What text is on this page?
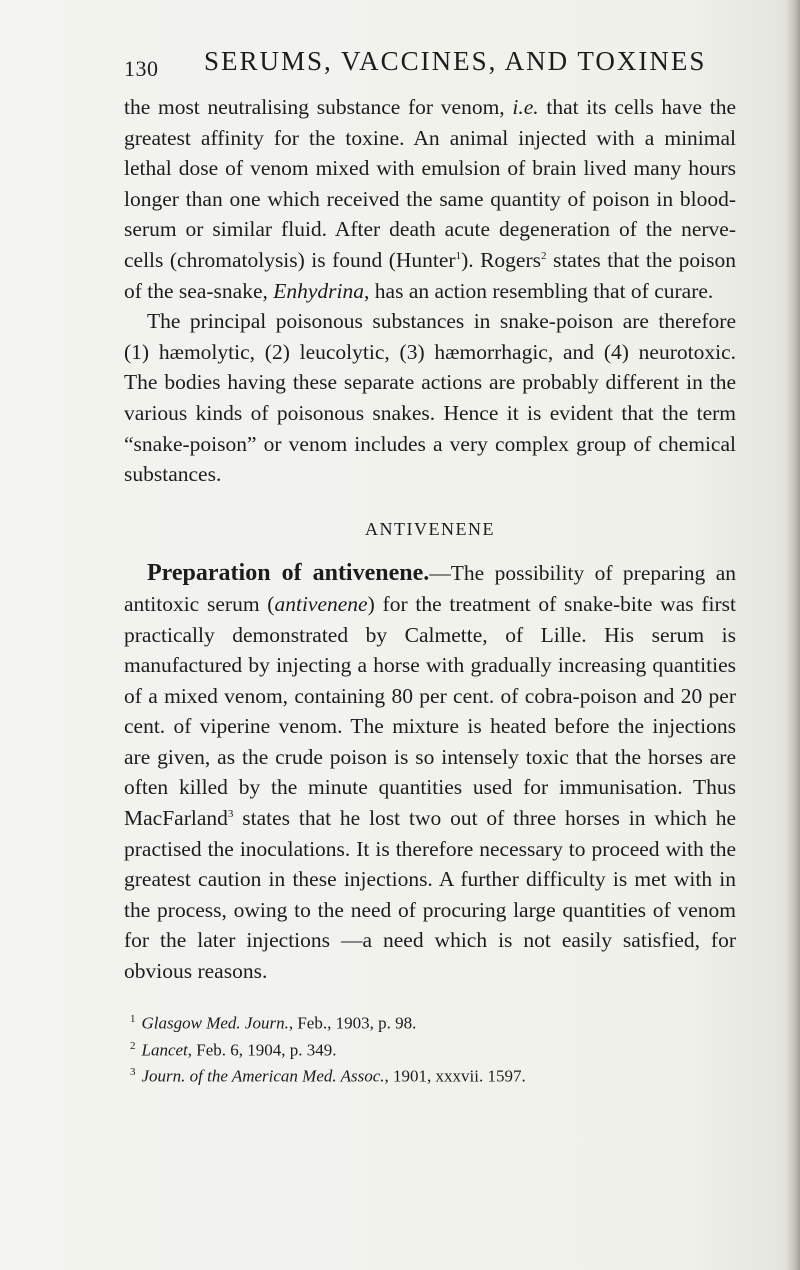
130 SERUMS, VACCINES, AND TOXINES

the most neutralising substance for venom, i.e. that its cells have the greatest affinity for the toxine. An animal injected with a minimal lethal dose of venom mixed with emulsion of brain lived many hours longer than one which received the same quantity of poison in blood-serum or similar fluid. After death acute degeneration of the nerve-cells (chromatolysis) is found (Hunter$^1$). Rogers$^2$ states that the poison of the sea-snake, Enhydrina, has an action resembling that of curare.

The principal poisonous substances in snake-poison are therefore (1) hæmolytic, (2) leucolytic, (3) hæmorrhagic, and (4) neurotoxic. The bodies having these separate actions are probably different in the various kinds of poisonous snakes. Hence it is evident that the term “snake-poison” or venom includes a very complex group of chemical substances.

ANTIVENENE

Preparation of antivenene.—The possibility of preparing an antitoxic serum (antivenene) for the treatment of snake-bite was first practically demonstrated by Calmette, of Lille. His serum is manufactured by injecting a horse with gradually increasing quantities of a mixed venom, containing 80 per cent. of cobra-poison and 20 per cent. of viperine venom. The mixture is heated before the injections are given, as the crude poison is so intensely toxic that the horses are often killed by the minute quantities used for immunisation. Thus MacFarland$^3$ states that he lost two out of three horses in which he practised the inoculations. It is therefore necessary to proceed with the greatest caution in these injections. A further difficulty is met with in the process, owing to the need of procuring large quantities of venom for the later injections —a need which is not easily satisfied, for obvious reasons.

$^1$ Glasgow Med. Journ., Feb., 1903, p. 98.
$^2$ Lancet, Feb. 6, 1904, p. 349.
$^3$ Journ. of the American Med. Assoc., 1901, xxxvii. 1597.
